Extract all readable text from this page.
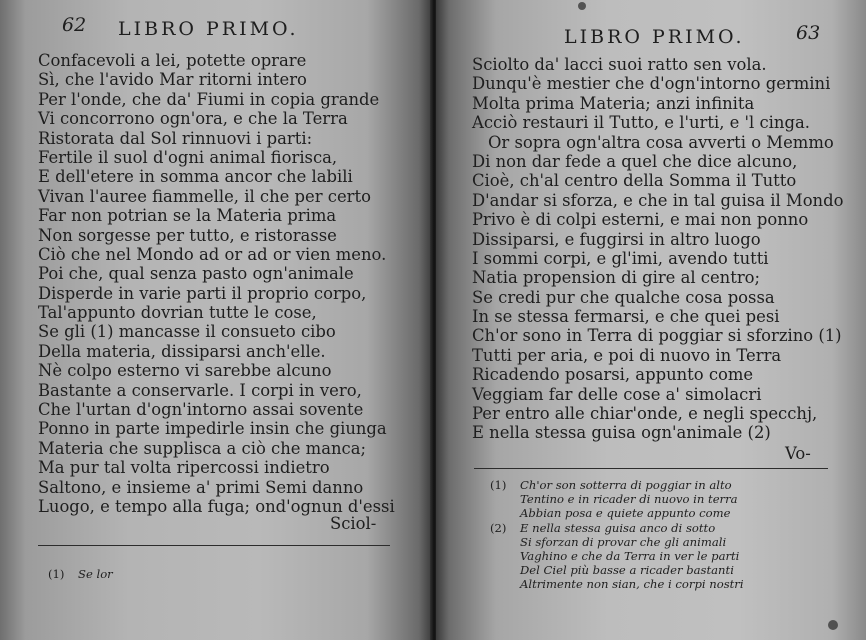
62 LIBRO PRIMO.
Confacevoli a lei, potette oprare
Sì, che l'avido Mar ritorni intero
Per l'onde, che da' Fiumi in copia grande
Vi concorrono ogn'ora, e che la Terra
Ristorata dal Sol rinnuovi i parti:
Fertile il suol d'ogni animal fiorisca,
E dell'etere in somma ancor che labili
Vivan l'auree fiammelle, il che per certo
Far non potrian se la Materia prima
Non sorgesse per tutto, e ristorasse
Ciò che nel Mondo ad or ad or vien meno.
Poi che, qual senza pasto ogn'animale
Disperde in varie parti il proprio corpo,
Tal'appunto dovrian tutte le cose,
Se gli (1) mancasse il consueto cibo
Della materia, dissiparsi anch'elle.
Nè colpo esterno vi sarebbe alcuno
Bastante a conservarle. I corpi in vero,
Che l'urtan d'ogn'intorno assai sovente
Ponno in parte impedirle insin che giunga
Materia che supplisca a ciò che manca;
Ma pur tal volta ripercossi indietro
Saltono, e insieme a' primi Semi danno
Luogo, e tempo alla fuga; ond'ognun d'essi
Sciol-
(1) Se lor
LIBRO PRIMO.	63
Sciolto da' lacci suoi ratto sen vola.
Dunqu'è mestier che d'ogn'intorno germini
Molta prima Materia; anzi infinita
Acciò restauri il Tutto, e l'urti, e 'l cinga.
Or sopra ogn'altra cosa avverti o Memmo
Di non dar fede a quel che dice alcuno,
Cioè, ch'al centro della Somma il Tutto
D'andar si sforza, e che in tal guisa il Mondo
Privo è di colpi esterni, e mai non ponno
Dissiparsi, e fuggirsi in altro luogo
I sommi corpi, e gl'imi, avendo tutti
Natia propension di gire al centro;
Se credi pur che qualche cosa possa
In se stessa fermarsi, e che quei pesi
Ch'or sono in Terra di poggiar si sforzino (1)
Tutti per aria, e poi di nuovo in Terra
Ricadendo posarsi, appunto come
Veggiam far delle cose a' simolacri
Per entro alle chiar'onde, e negli specchj,
E nella stessa guisa ogn'animale (2)
Vo-
(1) Ch'or son sotterra di poggiar in alto
Tentino e in ricader di nuovo in terra
Abbian posa e quiete appunto come
(2) E nella stessa guisa anco di sotto
Si sforzan di provar che gli animali
Vaghino e che da Terra in ver le parti
Del Ciel più basse a ricader bastanti
Altrimente non sian, che i corpi nostri
